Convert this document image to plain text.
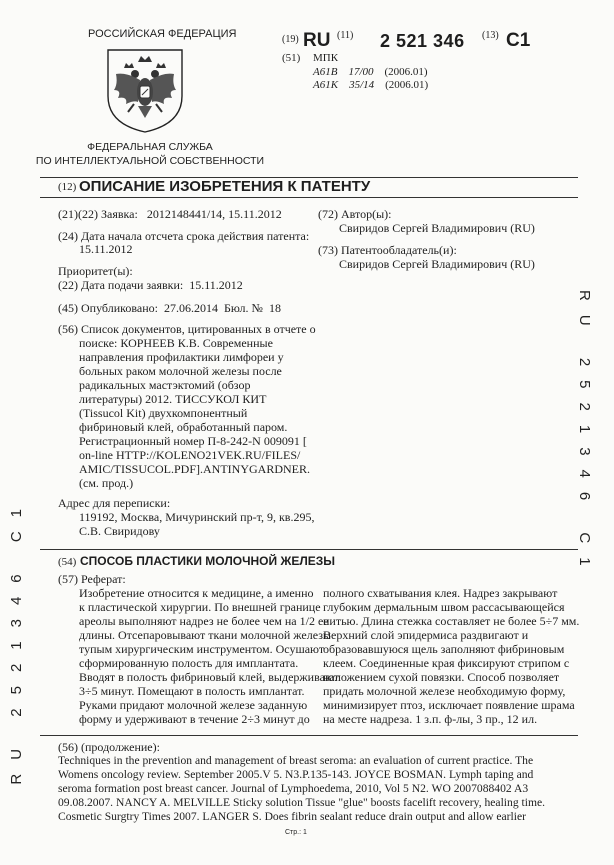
РОССИЙСКАЯ ФЕДЕРАЦИЯ
ФЕДЕРАЛЬНАЯ СЛУЖБА
ПО ИНТЕЛЛЕКТУАЛЬНОЙ СОБСТВЕННОСТИ
(19) RU (11) 2 521 346 (13) C1
(51) МПК
A61B 17/00 (2006.01)
A61K 35/14 (2006.01)
(12) ОПИСАНИЕ ИЗОБРЕТЕНИЯ К ПАТЕНТУ
(21)(22) Заявка: 2012148441/14, 15.11.2012
(24) Дата начала отсчета срока действия патента:
15.11.2012
Приоритет(ы):
(22) Дата подачи заявки: 15.11.2012
(45) Опубликовано: 27.06.2014 Бюл. № 18
(56) Список документов, цитированных в отчете о
поиске: КОРНЕЕВ К.В. Современные
направления профилактики лимфореи у
больных раком молочной железы после
радикальных мастэктомий (обзор
литературы) 2012. ТИССУКОЛ КИТ
(Tissucol Kit) двухкомпонентный
фибриновый клей, обработанный паром.
Регистрационный номер П-8-242-N 009091 [
on-line HTTP://KOLENO21VEK.RU/FILES/
AMIC/TISSUCOL.PDF].ANTINYGARDNER.
(см. прод.)
Адрес для переписки:
119192, Москва, Мичуринский пр-т, 9, кв.295,
С.В. Свиридову
(72) Автор(ы):
Свиридов Сергей Владимирович (RU)
(73) Патентообладатель(и):
Свиридов Сергей Владимирович (RU)
RU 2521346 C1
RU 2521346 C1	(54) СПОСОБ ПЛАСТИКИ МОЛОЧНОЙ ЖЕЛЕЗЫ
(57) Реферат:
Изобретение относится к медицине, а именно
к пластической хирургии. По внешней границе
ареолы выполняют надрез не более чем на 1/2 ее
длины. Отсепаровывают ткани молочной железы
тупым хирургическим инструментом. Осушают
сформированную полость для имплантата.
Вводят в полость фибриновый клей, выдерживают
3÷5 минут. Помещают в полость имплантат.
Руками придают молочной железе заданную
форму и удерживают в течение 2÷3 минут до
полного схватывания клея. Надрез закрывают
глубоким дермальным швом рассасывающейся
нитью. Длина стежка составляет не более 5÷7 мм.
Верхний слой эпидермиса раздвигают и
образовавшуюся щель заполняют фибриновым
клеем. Соединенные края фиксируют стрипом с
наложением сухой повязки. Способ позволяет
придать молочной железе необходимую форму,
минимизирует птоз, исключает появление шрама
на месте надреза. 1 з.п. ф-лы, 3 пр., 12 ил.
(56) (продолжение):
Techniques in the prevention and management of breast seroma: an evaluation of current practice. The
Womens oncology review. September 2005.V 5. N3.P.135-143. JOYCE BOSMAN. Lymph taping and
seroma formation post breast cancer. Journal of Lymphoedema, 2010, Vol 5 N2. WO 2007088402 A3
09.08.2007. NANCY A. MELVILLE Sticky solution Tissue "glue" boosts facelift recovery, healing time.
Cosmetic Surgtry Times 2007. LANGER S. Does fibrin sealant reduce drain output and allow earlier
Стр.: 1
